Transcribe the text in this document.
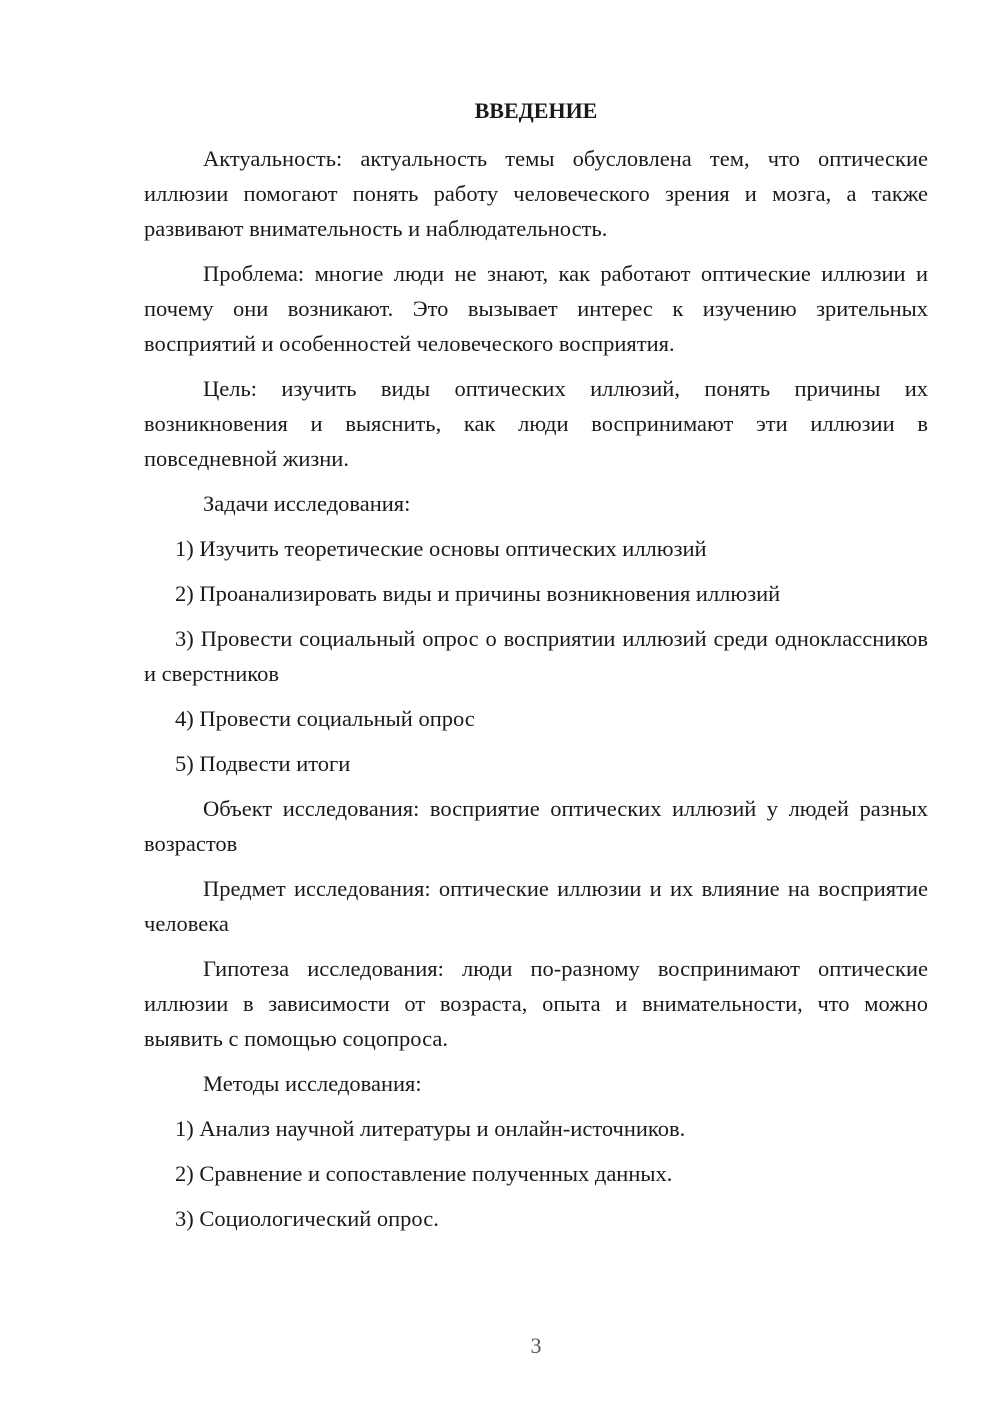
ВВЕДЕНИЕ

Актуальность: актуальность темы обусловлена тем, что оптические иллюзии помогают понять работу человеческого зрения и мозга, а также развивают внимательность и наблюдательность.

Проблема: многие люди не знают, как работают оптические иллюзии и почему они возникают. Это вызывает интерес к изучению зрительных восприятий и особенностей человеческого восприятия.

Цель: изучить виды оптических иллюзий, понять причины их возникновения и выяснить, как люди воспринимают эти иллюзии в повседневной жизни.

Задачи исследования:

1) Изучить теоретические основы оптических иллюзий

2) Проанализировать виды и причины возникновения иллюзий

3) Провести социальный опрос о восприятии иллюзий среди одноклассников и сверстников

4) Провести социальный опрос

5) Подвести итоги

Объект исследования: восприятие оптических иллюзий у людей разных возрастов

Предмет исследования: оптические иллюзии и их влияние на восприятие человека

Гипотеза исследования: люди по-разному воспринимают оптические иллюзии в зависимости от возраста, опыта и внимательности, что можно выявить с помощью соцопроса.

Методы исследования:

1) Анализ научной литературы и онлайн-источников.

2) Сравнение и сопоставление полученных данных.

3) Социологический опрос.

3
